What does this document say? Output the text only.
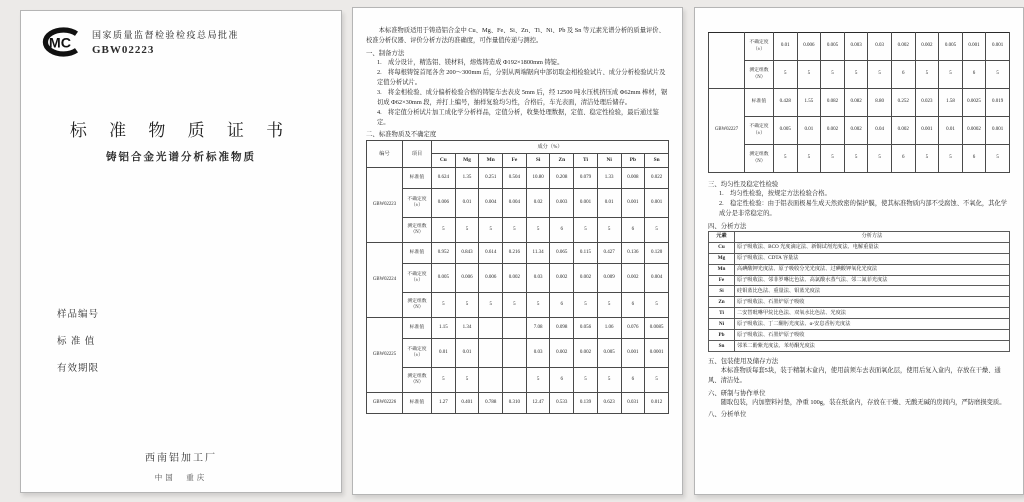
MC
国家质量监督检验检疫总局批准
GBW02223
标 准 物 质 证 书
铸铝合金光谱分析标准物质
样品编号
标 准 值
有效期限
西南铝加工厂
中国　重庆
本标准物质适用于铸造铝合金中 Cu、Mg、Fe、Si、Zn、Ti、Ni、Pb 及 Sn 等元素光谱分析的质量评价、校准分析仪器、评价分析方法的准确度，可作量值传递与测控。
一、制备方法
1.　成分设计，精选铝、镁材料，熔炼铸造成 Φ192×1800mm 铸锭。
2.　将每根铸锭首尾各舍 200～300mm 后，分别从两端锯向中部切取金相检验试片、成分分析检验试片及定值分析试片。
3.　将金相检验、成分偏析检验合格的铸锭车去表皮 5mm 后，经 12500 吨水压机挤压成 Φ62mm 棒材，锯切成 Φ62×30mm 段，并打上编号，抽样复验均匀性，合格后，车光表面，清洁处理后储存。
4.　将定值分析试片加工成化学分析样品，定值分析，收集处理数据，定值、稳定性检验，最后通过鉴定。
二、标准物质及不确定度
编号	项目	成分（%）									
		Cu	Mg	Mn	Fe	Si	Zn	Ti	Ni	Pb	Sn
GBW02223	标准值	0.624	1.35	0.251	0.504	10.80	0.208	0.079	1.33	0.008	0.022
	不确定度（±）	0.006	0.01	0.004	0.004	0.02	0.003	0.001	0.01	0.001	0.001
	测定组数（N）	5	5	5	5	5	6	5	5	6	5
GBW02224	标准值	0.952	0.843	0.614	0.216	11.34	0.065	0.115	0.427	0.136	0.120
	不确定度（±）	0.005	0.006	0.006	0.002	0.03	0.002	0.002	0.009	0.002	0.004
	测定组数（N）	5	5	5	5	5	6	5	5	6	5
GBW02225	标准值	1.15	1.34			7.08	0.098	0.056	1.06	0.076	0.0085
	不确定度（±）	0.01	0.01			0.03	0.002	0.002	0.005	0.001	0.0001
	测定组数（N）	5	5			5	6	5	5	6	5
GBW02226	标准值	1.27	0.401	0.788	0.310	12.47	0.533	0.139	0.623	0.031	0.012
	不确定度（±）	0.01	0.006	0.005	0.003	0.03	0.002	0.002	0.005	0.001	0.001
	测定组数（N）	5	5	5	5	5	6	5	5	6	5
GBW02227	标准值	0.428	1.55	0.082	0.082	8.80	0.252	0.023	1.58	0.0025	0.019
	不确定度（±）	0.005	0.01	0.002	0.002	0.04	0.002	0.001	0.01	0.0002	0.001
	测定组数（N）	5	5	5	5	5	6	5	5	6	5
三、均匀性及稳定性检验
1.　均匀性检验，按规定方法检验合格。
2.　稳定性检验：由于铝表面极易生成天然致密的保护膜，使其标准物质内部不受腐蚀、不氧化，其化学成分是非常稳定的。
四、分析方法
元素	分析方法
Cu	原子吸收法、BCO 光度滴定法、新铜试剂光度法、电解重量法
Mg	原子吸收法、CDTA 容量法
Mn	高碘酸钾光度法、原子吸收分光光度法、过碘酸钾氧化光度法
Fe	原子吸收法、邻菲罗啉比色法、高氯酸水蒸气法、邻二氮菲光度法
Si	硅钼蓝比色法、重量法、钼蓝光度法
Zn	原子吸收法、石墨炉原子吸收
Ti	二安替吡啉甲烷比色法、双氧水比色法、光度法
Ni	原子吸收法、丁二酮肟光度法、α-安息香肟光度法
Pb	原子吸收法、石墨炉原子吸收
Sn	邻苯二酚紫光度法、苯芴酮光度法
五、包装使用及储存方法
本标准物质每套5块，装于精制木盒内，使用前须车去表面氧化层，使用后复入盒内，存放在干燥、通风、清洁处。
六、研制与协作单位
随取包装，内加塑料衬垫，净重 100g，装在纸盒内，存放在干燥、无酸无碱的房间内，严防磨损变质。
八、分析单位
